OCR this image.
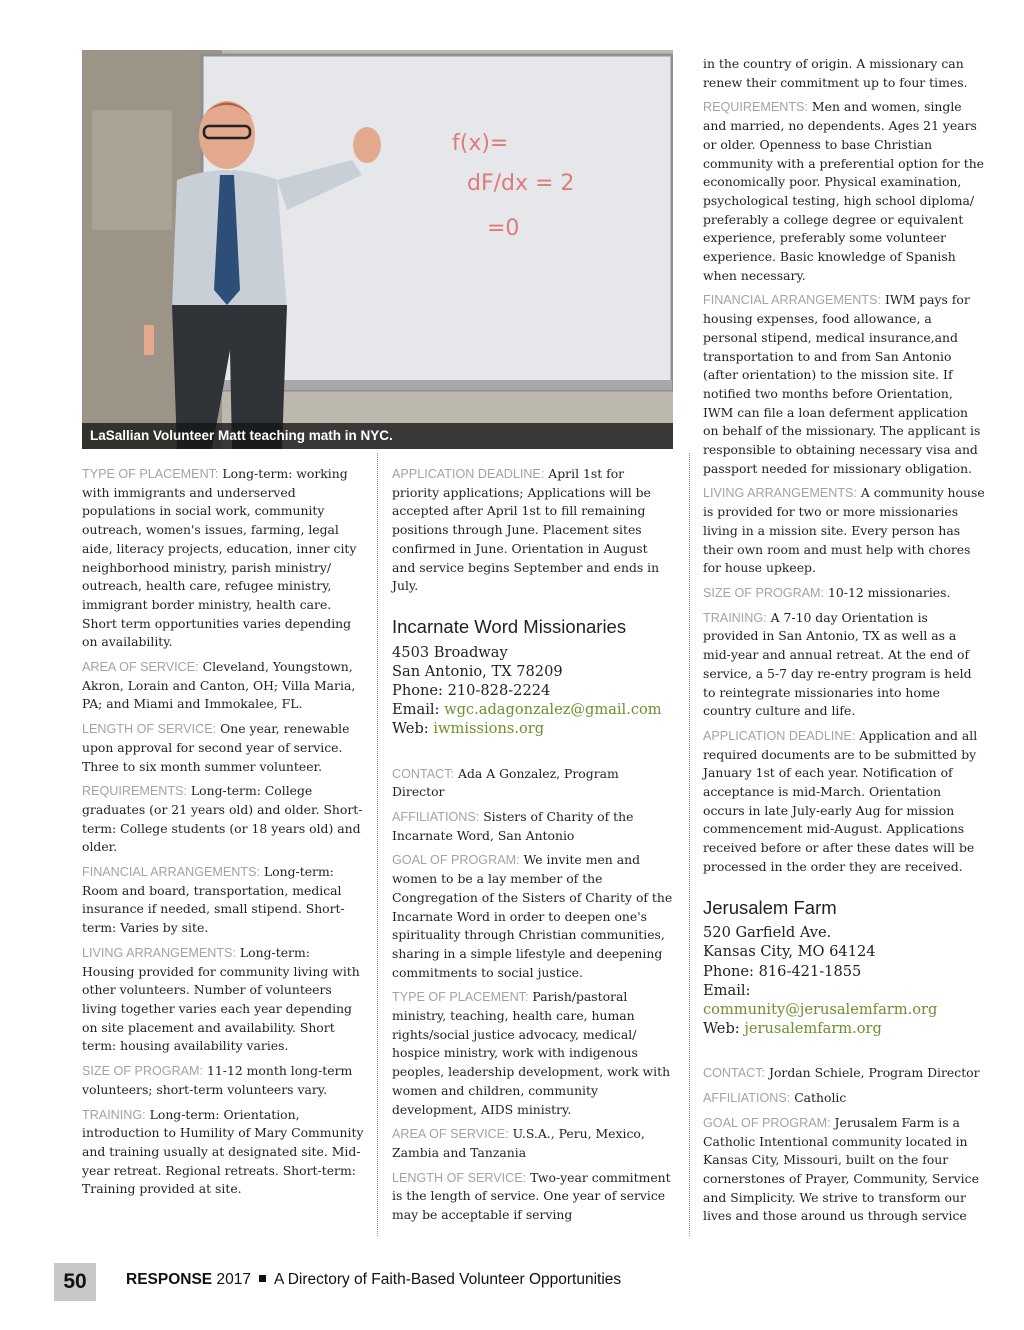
f(x)=
dF/dx = 2
=0
LaSallian Volunteer Matt teaching math in NYC.

TYPE OF PLACEMENT: Long-term: working with immigrants and underserved populations in social work, community outreach, women's issues, farming, legal aide, literacy projects, education, inner city neighborhood ministry, parish ministry/ outreach, health care, refugee ministry, immigrant border ministry, health care. Short term opportunities varies depending on availability.

AREA OF SERVICE: Cleveland, Youngstown, Akron, Lorain and Canton, OH; Villa Maria, PA; and Miami and Immokalee, FL.

LENGTH OF SERVICE: One year, renewable upon approval for second year of service. Three to six month summer volunteer.

REQUIREMENTS: Long-term: College graduates (or 21 years old) and older. Short-term: College students (or 18 years old) and older.

FINANCIAL ARRANGEMENTS: Long-term: Room and board, transportation, medical insurance if needed, small stipend. Short-term: Varies by site.

LIVING ARRANGEMENTS: Long-term: Housing provided for community living with other volunteers. Number of volunteers living together varies each year depending on site placement and availability. Short term: housing availability varies.

SIZE OF PROGRAM: 11-12 month long-term volunteers; short-term volunteers vary.

TRAINING: Long-term: Orientation, introduction to Humility of Mary Community and training usually at designated site. Mid-year retreat. Regional retreats. Short-term: Training provided at site.

APPLICATION DEADLINE: April 1st for priority applications; Applications will be accepted after April 1st to fill remaining positions through June. Placement sites confirmed in June. Orientation in August and service begins September and ends in July.

Incarnate Word Missionaries
4503 Broadway
San Antonio, TX 78209
Phone: 210-828-2224
Email: wgc.adagonzalez@gmail.com
Web: iwmissions.org

CONTACT: Ada A Gonzalez, Program Director

AFFILIATIONS: Sisters of Charity of the Incarnate Word, San Antonio

GOAL OF PROGRAM: We invite men and women to be a lay member of the Congregation of the Sisters of Charity of the Incarnate Word in order to deepen one's spirituality through Christian communities, sharing in a simple lifestyle and deepening commitments to social justice.

TYPE OF PLACEMENT: Parish/pastoral ministry, teaching, health care, human rights/social justice advocacy, medical/ hospice ministry, work with indigenous peoples, leadership development, work with women and children, community development, AIDS ministry.

AREA OF SERVICE: U.S.A., Peru, Mexico, Zambia and Tanzania

LENGTH OF SERVICE: Two-year commitment is the length of service. One year of service may be acceptable if serving

in the country of origin. A missionary can renew their commitment up to four times.

REQUIREMENTS: Men and women, single and married, no dependents. Ages 21 years or older. Openness to base Christian community with a preferential option for the economically poor. Physical examination, psychological testing, high school diploma/ preferably a college degree or equivalent experience, preferably some volunteer experience. Basic knowledge of Spanish when necessary.

FINANCIAL ARRANGEMENTS: IWM pays for housing expenses, food allowance, a personal stipend, medical insurance,and transportation to and from San Antonio (after orientation) to the mission site. If notified two months before Orientation, IWM can file a loan deferment application on behalf of the missionary. The applicant is responsible to obtaining necessary visa and passport needed for missionary obligation.

LIVING ARRANGEMENTS: A community house is provided for two or more missionaries living in a mission site. Every person has their own room and must help with chores for house upkeep.

SIZE OF PROGRAM: 10-12 missionaries.

TRAINING: A 7-10 day Orientation is provided in San Antonio, TX as well as a mid-year and annual retreat. At the end of service, a 5-7 day re-entry program is held to reintegrate missionaries into home country culture and life.

APPLICATION DEADLINE: Application and all required documents are to be submitted by January 1st of each year. Notification of acceptance is mid-March. Orientation occurs in late July-early Aug for mission commencement mid-August. Applications received before or after these dates will be processed in the order they are received.

Jerusalem Farm
520 Garfield Ave.
Kansas City, MO 64124
Phone: 816-421-1855
Email: community@jerusalemfarm.org
Web: jerusalemfarm.org

CONTACT: Jordan Schiele, Program Director

AFFILIATIONS: Catholic

GOAL OF PROGRAM: Jerusalem Farm is a Catholic Intentional community located in Kansas City, Missouri, built on the four cornerstones of Prayer, Community, Service and Simplicity. We strive to transform our lives and those around us through service

50	RESPONSE 2017 A Directory of Faith-Based Volunteer Opportunities
